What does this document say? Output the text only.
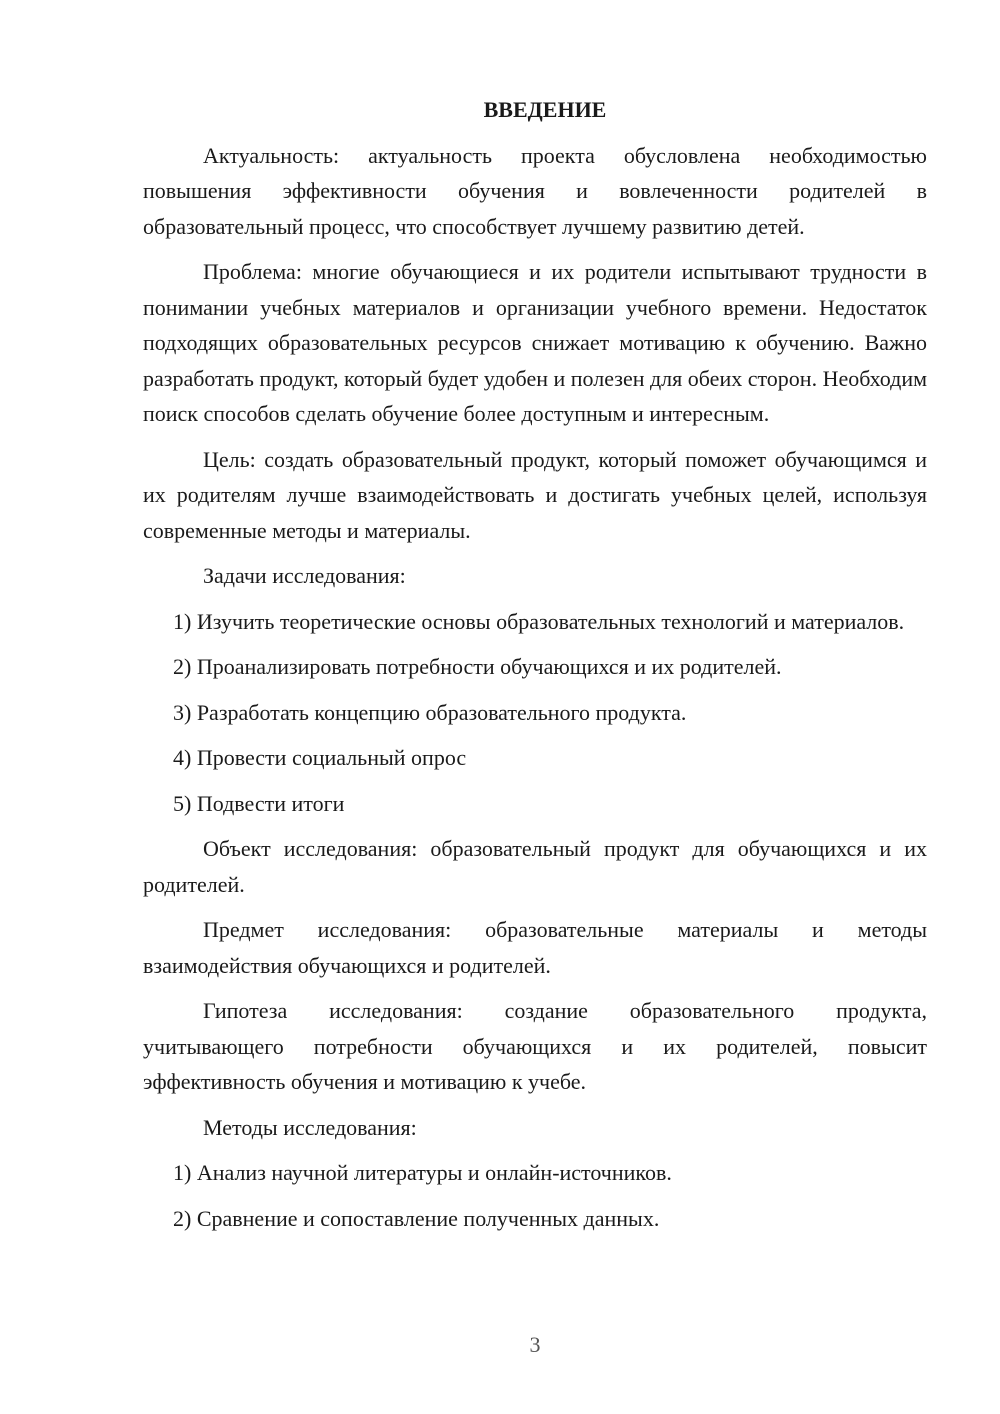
ВВЕДЕНИЕ

Актуальность: актуальность проекта обусловлена необходимостью повышения эффективности обучения и вовлеченности родителей в образовательный процесс, что способствует лучшему развитию детей.

Проблема: многие обучающиеся и их родители испытывают трудности в понимании учебных материалов и организации учебного времени. Недостаток подходящих образовательных ресурсов снижает мотивацию к обучению. Важно разработать продукт, который будет удобен и полезен для обеих сторон. Необходим поиск способов сделать обучение более доступным и интересным.

Цель: создать образовательный продукт, который поможет обучающимся и их родителям лучше взаимодействовать и достигать учебных целей, используя современные методы и материалы.

Задачи исследования:

1) Изучить теоретические основы образовательных технологий и материалов.

2) Проанализировать потребности обучающихся и их родителей.

3) Разработать концепцию образовательного продукта.

4) Провести социальный опрос

5) Подвести итоги

Объект исследования: образовательный продукт для обучающихся и их родителей.

Предмет исследования: образовательные материалы и методы взаимодействия обучающихся и родителей.

Гипотеза исследования: создание образовательного продукта, учитывающего потребности обучающихся и их родителей, повысит эффективность обучения и мотивацию к учебе.

Методы исследования:

1) Анализ научной литературы и онлайн-источников.

2) Сравнение и сопоставление полученных данных.

3
